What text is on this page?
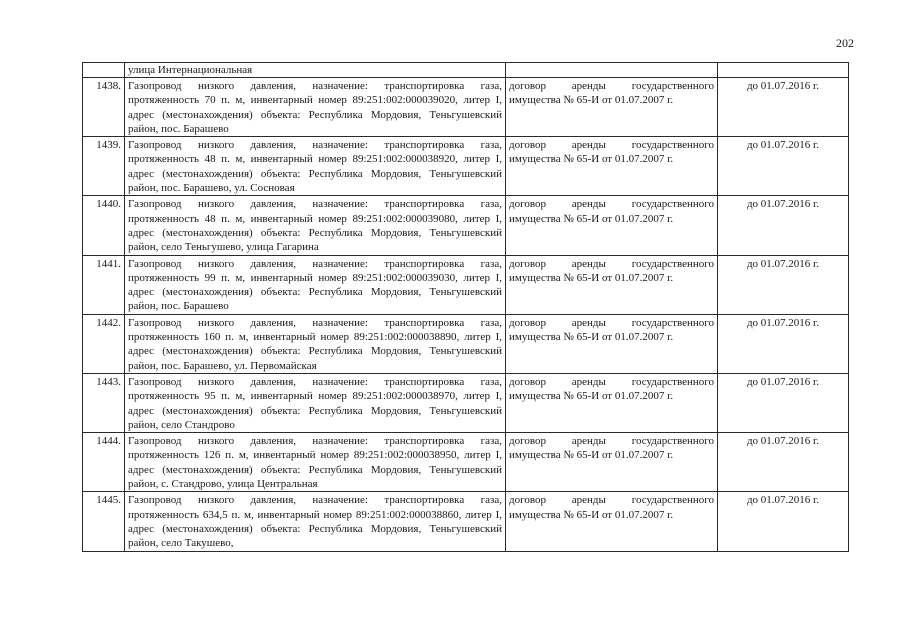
202
	улица Интернациональная		
1438.	Газопровод низкого давления, назначение: транспортировка газа, протяженность 70 п. м, инвентарный номер 89:251:002:000039020, литер I, адрес (местонахождения) объекта: Республика Мордовия, Теньгушевский район, пос. Барашево	договор аренды государственного имущества № 65-И от 01.07.2007 г.	до 01.07.2016 г.
1439.	Газопровод низкого давления, назначение: транспортировка газа, протяженность 48 п. м, инвентарный номер 89:251:002:000038920, литер I, адрес (местонахождения) объекта: Республика Мордовия, Теньгушевский район, пос. Барашево, ул. Сосновая	договор аренды государственного имущества № 65-И от 01.07.2007 г.	до 01.07.2016 г.
1440.	Газопровод низкого давления, назначение: транспортировка газа, протяженность 48 п. м, инвентарный номер 89:251:002:000039080, литер I, адрес (местонахождения) объекта: Республика Мордовия, Теньгушевский район, село Теньгушево, улица Гагарина	договор аренды государственного имущества № 65-И от 01.07.2007 г.	до 01.07.2016 г.
1441.	Газопровод низкого давления, назначение: транспортировка газа, протяженность 99 п. м, инвентарный номер 89:251:002:000039030, литер I, адрес (местонахождения) объекта: Республика Мордовия, Теньгушевский район, пос. Барашево	договор аренды государственного имущества № 65-И от 01.07.2007 г.	до 01.07.2016 г.
1442.	Газопровод низкого давления, назначение: транспортировка газа, протяженность 160 п. м, инвентарный номер 89:251:002:000038890, литер I, адрес (местонахождения) объекта: Республика Мордовия, Теньгушевский район, пос. Барашево, ул. Первомайская	договор аренды государственного имущества № 65-И от 01.07.2007 г.	до 01.07.2016 г.
1443.	Газопровод низкого давления, назначение: транспортировка газа, протяженность 95 п. м, инвентарный номер 89:251:002:000038970, литер I, адрес (местонахождения) объекта: Республика Мордовия, Теньгушевский район, село Стандрово	договор аренды государственного имущества № 65-И от 01.07.2007 г.	до 01.07.2016 г.
1444.	Газопровод низкого давления, назначение: транспортировка газа, протяженность 126 п. м, инвентарный номер 89:251:002:000038950, литер I, адрес (местонахождения) объекта: Республика Мордовия, Теньгушевский район, с. Стандрово, улица Центральная	договор аренды государственного имущества № 65-И от 01.07.2007 г.	до 01.07.2016 г.
1445.	Газопровод низкого давления, назначение: транспортировка газа, протяженность 634,5 п. м, инвентарный номер 89:251:002:000038860, литер I, адрес (местонахождения) объекта: Республика Мордовия, Теньгушевский район, село Такушево,	договор аренды государственного имущества № 65-И от 01.07.2007 г.	до 01.07.2016 г.
